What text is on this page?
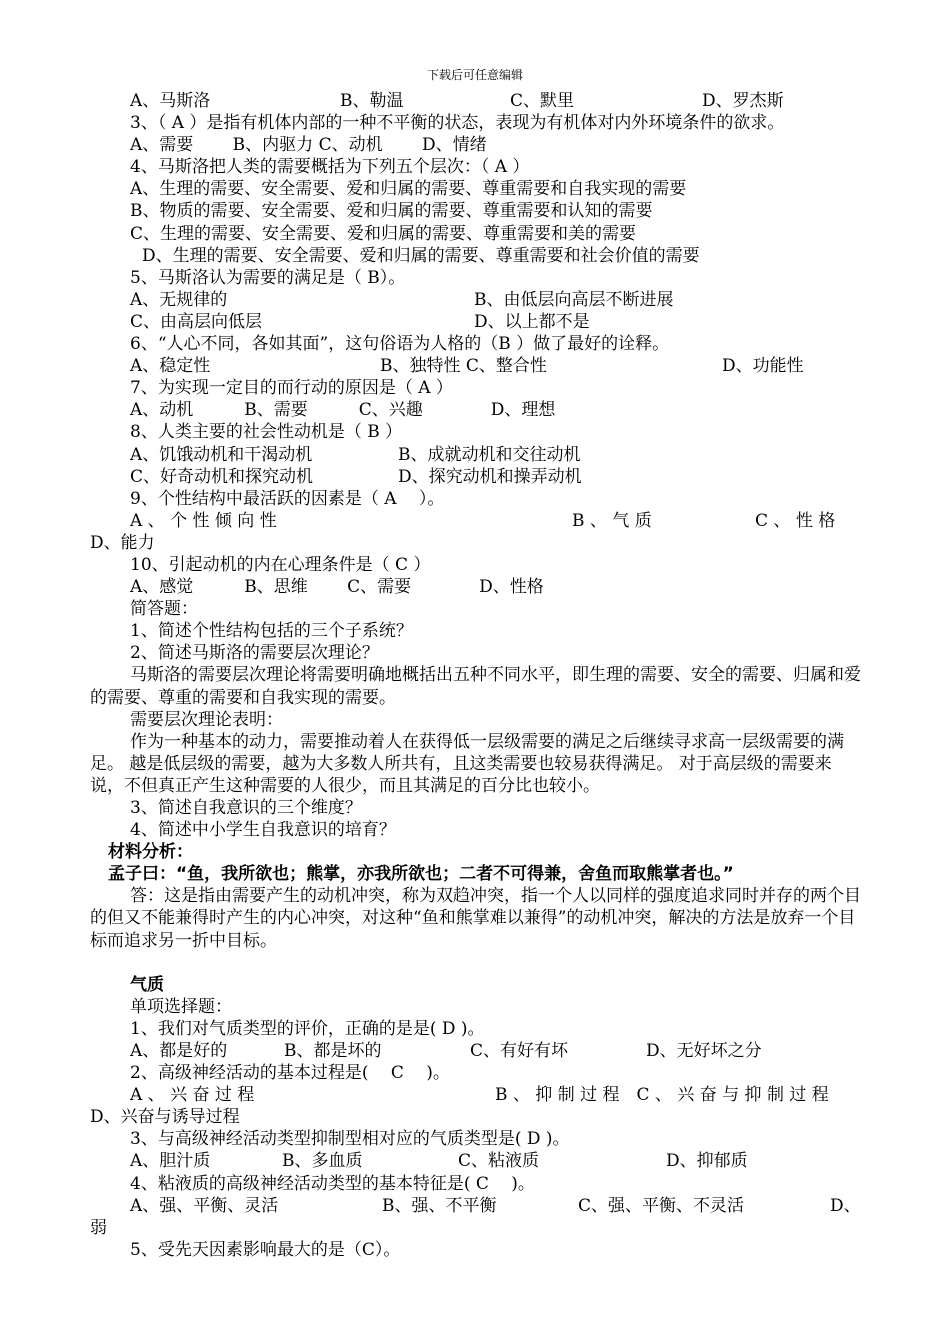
下载后可任意编辑
A、马斯洛	B、勒温	C、默里	D、罗杰斯
3、（ A ）是指有机体内部的一种不平衡的状态，表现为有机体对内外环境条件的欲求。
A、需要　　 B、内驱力 C、动机　　 D、情绪
4、马斯洛把人类的需要概括为下列五个层次：（ A ）
A、生理的需要、安全需要、爱和归属的需要、尊重需要和自我实现的需要
B、物质的需要、安全需要、爱和归属的需要、尊重需要和认知的需要
C、生理的需要、安全需要、爱和归属的需要、尊重需要和美的需要
D、生理的需要、安全需要、爱和归属的需要、尊重需要和社会价值的需要
5、马斯洛认为需要的满足是（ B）。
A、无规律的	B、由低层向高层不断进展
C、由高层向低层	D、以上都不是
6、“人心不同，各如其面”，这句俗语为人格的（B ）做了最好的诠释。
A、稳定性	B、独特性 C、整合性	D、功能性
7、为实现一定目的而行动的原因是（ A ）
A、动机　　　B、需要　　　C、兴趣　　　　D、理想
8、人类主要的社会性动机是（ B ）
A、饥饿动机和干渴动机	B、成就动机和交往动机
C、好奇动机和探究动机	D、探究动机和操弄动机
9、个性结构中最活跃的因素是（ A　 ）。
A 、 个 性 倾 向 性	B 、 气 质	C 、 性 格
D、能力
10、引起动机的内在心理条件是（ C ）
A、感觉　　　B、思维　　 C、需要　　　　D、性格
简答题：
1、简述个性结构包括的三个子系统？
2、简述马斯洛的需要层次理论？
马斯洛的需要层次理论将需要明确地概括出五种不同水平，即生理的需要、安全的需要、归属和爱的需要、尊重的需要和自我实现的需要。
需要层次理论表明：
作为一种基本的动力，需要推动着人在获得低一层级需要的满足之后继续寻求高一层级需要的满足。 越是低层级的需要，越为大多数人所共有，且这类需要也较易获得满足。 对于高层级的需要来说，不但真正产生这种需要的人很少，而且其满足的百分比也较小。
3、简述自我意识的三个维度？
4、简述中小学生自我意识的培育？
材料分析：
孟子曰：“鱼，我所欲也；熊掌，亦我所欲也；二者不可得兼，舍鱼而取熊掌者也。”
答：这是指由需要产生的动机冲突，称为双趋冲突，指一个人以同样的强度追求同时并存的两个目的但又不能兼得时产生的内心冲突，对这种“鱼和熊掌难以兼得”的动机冲突，解决的方法是放弃一个目标而追求另一折中目标。
气质
单项选择题：
1、我们对气质类型的评价，正确的是是( D )。
A、都是好的	B、都是坏的	C、有好有坏	D、无好坏之分
2、高级神经活动的基本过程是(　 C　 )。
A 、 兴 奋 过 程	B 、 抑 制 过 程　C 、 兴 奋 与 抑 制 过 程
D、兴奋与诱导过程
3、与高级神经活动类型抑制型相对应的气质类型是( D )。
A、胆汁质	B、多血质	C、粘液质	D、抑郁质
4、粘液质的高级神经活动类型的基本特征是( C　 )。
A、强、平衡、灵活	B、强、不平衡	C、强、平衡、不灵活	D、
弱
5、受先天因素影响最大的是（C）。
